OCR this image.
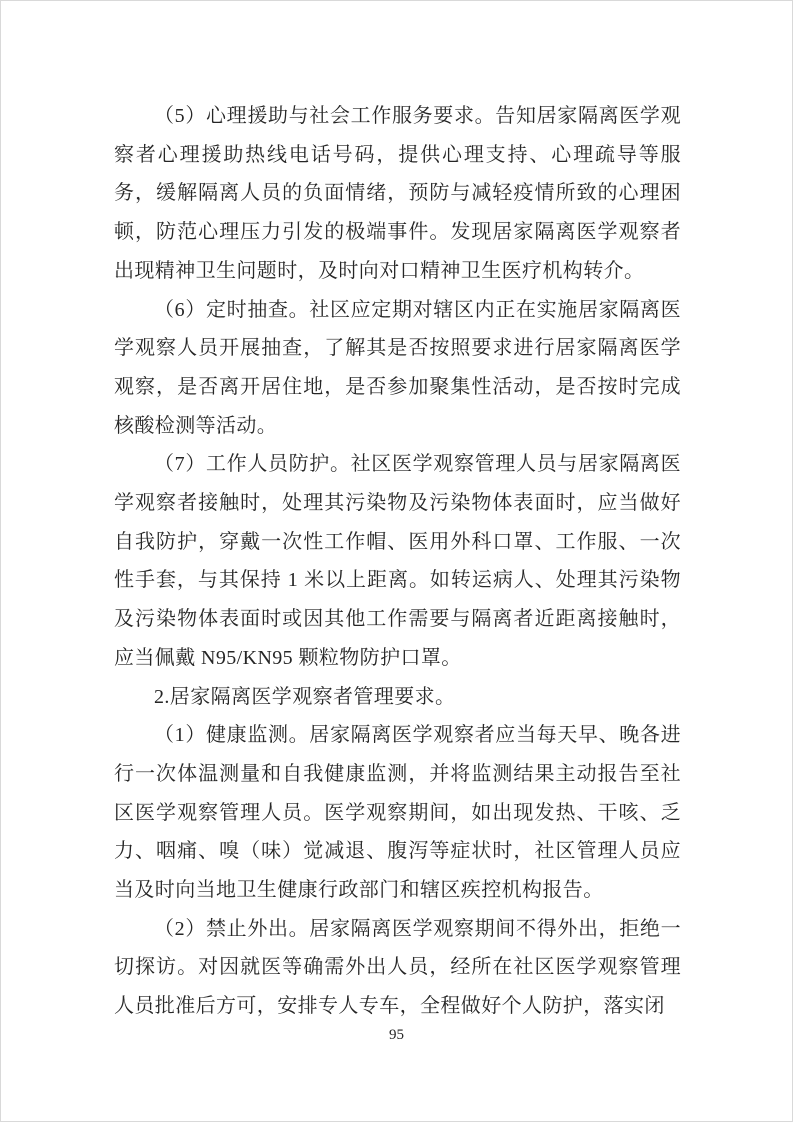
（5）心理援助与社会工作服务要求。告知居家隔离医学观察者心理援助热线电话号码，提供心理支持、心理疏导等服务，缓解隔离人员的负面情绪，预防与减轻疫情所致的心理困顿，防范心理压力引发的极端事件。发现居家隔离医学观察者出现精神卫生问题时，及时向对口精神卫生医疗机构转介。

（6）定时抽查。社区应定期对辖区内正在实施居家隔离医学观察人员开展抽查，了解其是否按照要求进行居家隔离医学观察，是否离开居住地，是否参加聚集性活动，是否按时完成核酸检测等活动。

（7）工作人员防护。社区医学观察管理人员与居家隔离医学观察者接触时，处理其污染物及污染物体表面时，应当做好自我防护，穿戴一次性工作帽、医用外科口罩、工作服、一次性手套，与其保持 1 米以上距离。如转运病人、处理其污染物及污染物体表面时或因其他工作需要与隔离者近距离接触时，应当佩戴 N95/KN95 颗粒物防护口罩。

2.居家隔离医学观察者管理要求。

（1）健康监测。居家隔离医学观察者应当每天早、晚各进行一次体温测量和自我健康监测，并将监测结果主动报告至社区医学观察管理人员。医学观察期间，如出现发热、干咳、乏力、咽痛、嗅（味）觉减退、腹泻等症状时，社区管理人员应当及时向当地卫生健康行政部门和辖区疾控机构报告。

（2）禁止外出。居家隔离医学观察期间不得外出，拒绝一切探访。对因就医等确需外出人员，经所在社区医学观察管理人员批准后方可，安排专人专车，全程做好个人防护，落实闭

95
